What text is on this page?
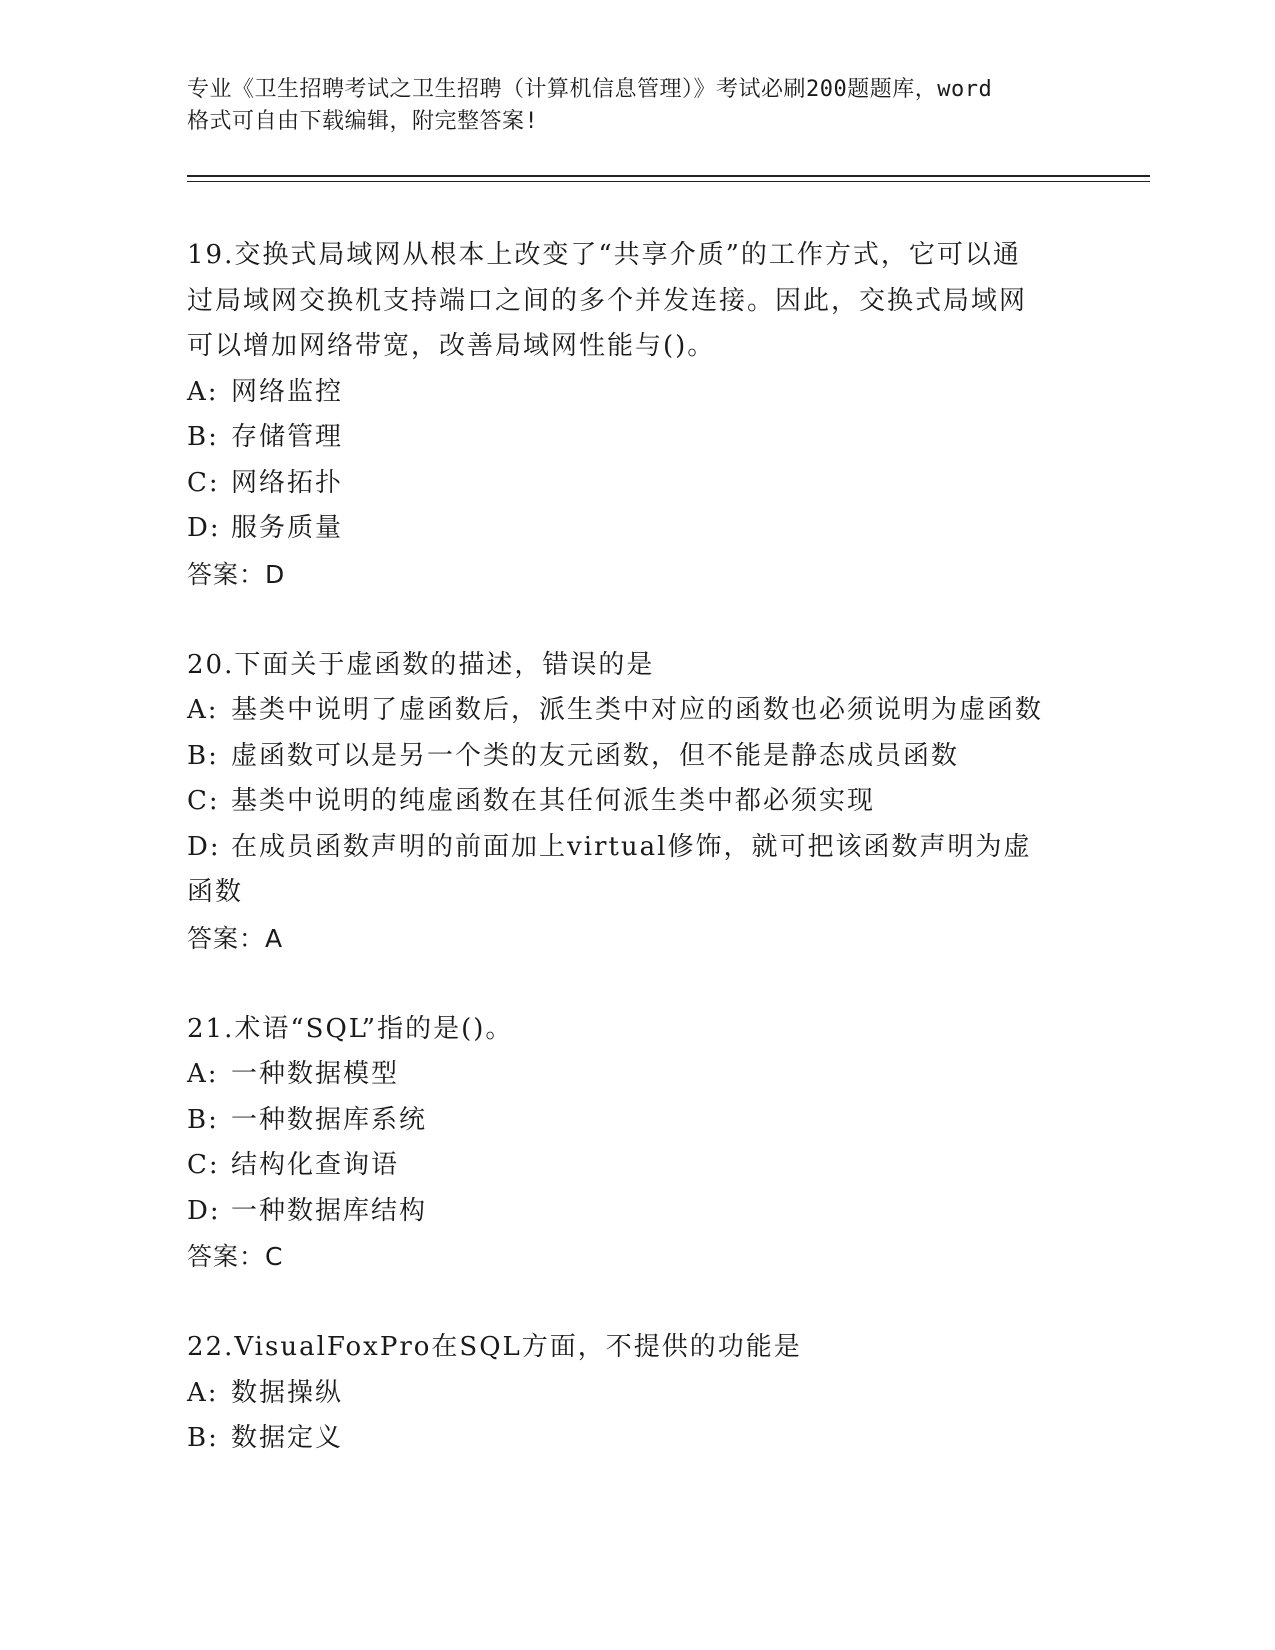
专业《卫生招聘考试之卫生招聘（计算机信息管理）》考试必刷200题题库，word
格式可自由下载编辑，附完整答案!
19.交换式局域网从根本上改变了“共享介质”的工作方式，它可以通
过局域网交换机支持端口之间的多个并发连接。因此，交换式局域网
可以增加网络带宽，改善局域网性能与()。
A: 网络监控
B: 存储管理
C: 网络拓扑
D: 服务质量
答案：D
20.下面关于虚函数的描述，错误的是
A: 基类中说明了虚函数后，派生类中对应的函数也必须说明为虚函数
B: 虚函数可以是另一个类的友元函数，但不能是静态成员函数
C: 基类中说明的纯虚函数在其任何派生类中都必须实现
D: 在成员函数声明的前面加上virtual修饰，就可把该函数声明为虚
函数
答案：A
21.术语“SQL”指的是()。
A: 一种数据模型
B: 一种数据库系统
C: 结构化查询语
D: 一种数据库结构
答案：C
22.VisualFoxPro在SQL方面，不提供的功能是
A: 数据操纵
B: 数据定义
